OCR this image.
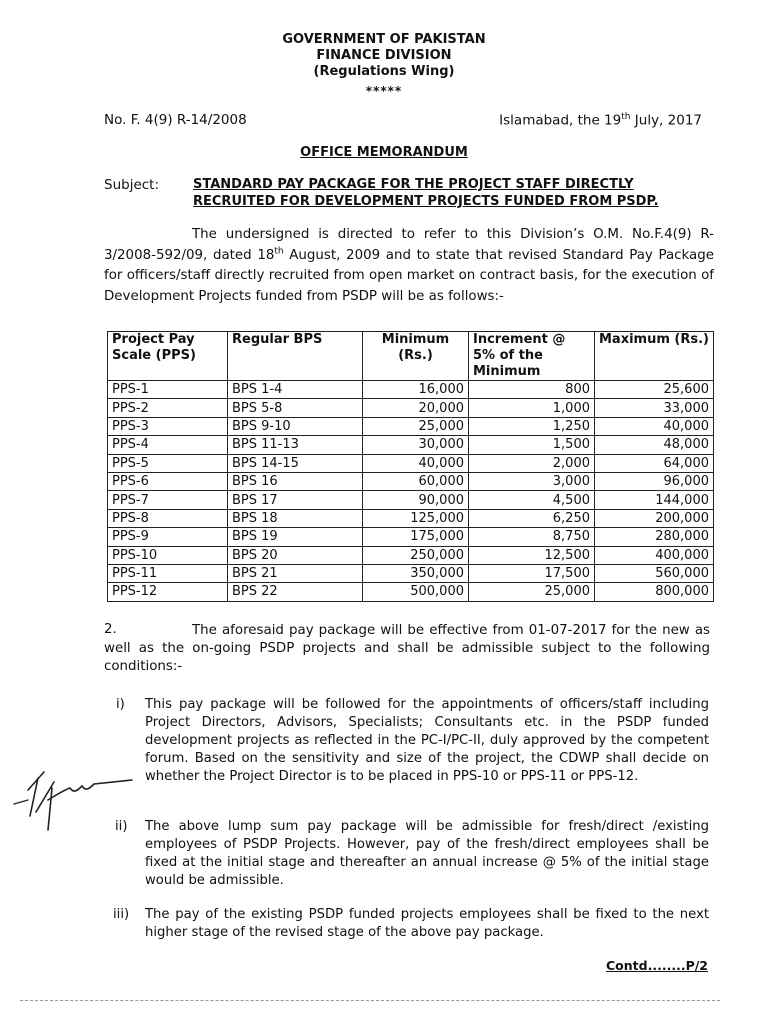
GOVERNMENT OF PAKISTAN
FINANCE DIVISION
(Regulations Wing)
*****
No. F. 4(9) R-14/2008	Islamabad, the 19th July, 2017
OFFICE MEMORANDUM
Subject:	STANDARD PAY PACKAGE FOR THE PROJECT STAFF DIRECTLY
RECRUITED FOR DEVELOPMENT PROJECTS FUNDED FROM PSDP.
The undersigned is directed to refer to this Division’s O.M. No.F.4(9) R-3/2008-592/09, dated 18th August, 2009 and to state that revised Standard Pay Package for officers/staff directly recruited from open market on contract basis, for the execution of Development Projects funded from PSDP will be as follows:-
Project Pay Scale (PPS)	Regular BPS	Minimum (Rs.)	Increment @ 5% of the Minimum	Maximum (Rs.)
PPS-1	BPS 1-4	16,000	800	25,600
PPS-2	BPS 5-8	20,000	1,000	33,000
PPS-3	BPS 9-10	25,000	1,250	40,000
PPS-4	BPS 11-13	30,000	1,500	48,000
PPS-5	BPS 14-15	40,000	2,000	64,000
PPS-6	BPS 16	60,000	3,000	96,000
PPS-7	BPS 17	90,000	4,500	144,000
PPS-8	BPS 18	125,000	6,250	200,000
PPS-9	BPS 19	175,000	8,750	280,000
PPS-10	BPS 20	250,000	12,500	400,000
PPS-11	BPS 21	350,000	17,500	560,000
PPS-12	BPS 22	500,000	25,000	800,000
2.	The aforesaid pay package will be effective from 01-07-2017 for the new as well as the on-going PSDP projects and shall be admissible subject to the following conditions:-
i) This pay package will be followed for the appointments of officers/staff including Project Directors, Advisors, Specialists; Consultants etc. in the PSDP funded development projects as reflected in the PC-I/PC-II, duly approved by the competent forum. Based on the sensitivity and size of the project, the CDWP shall decide on whether the Project Director is to be placed in PPS-10 or PPS-11 or PPS-12.
ii) The above lump sum pay package will be admissible for fresh/direct /existing employees of PSDP Projects. However, pay of the fresh/direct employees shall be fixed at the initial stage and thereafter an annual increase @ 5% of the initial stage would be admissible.
iii) The pay of the existing PSDP funded projects employees shall be fixed to the next higher stage of the revised stage of the above pay package.
Contd........P/2
